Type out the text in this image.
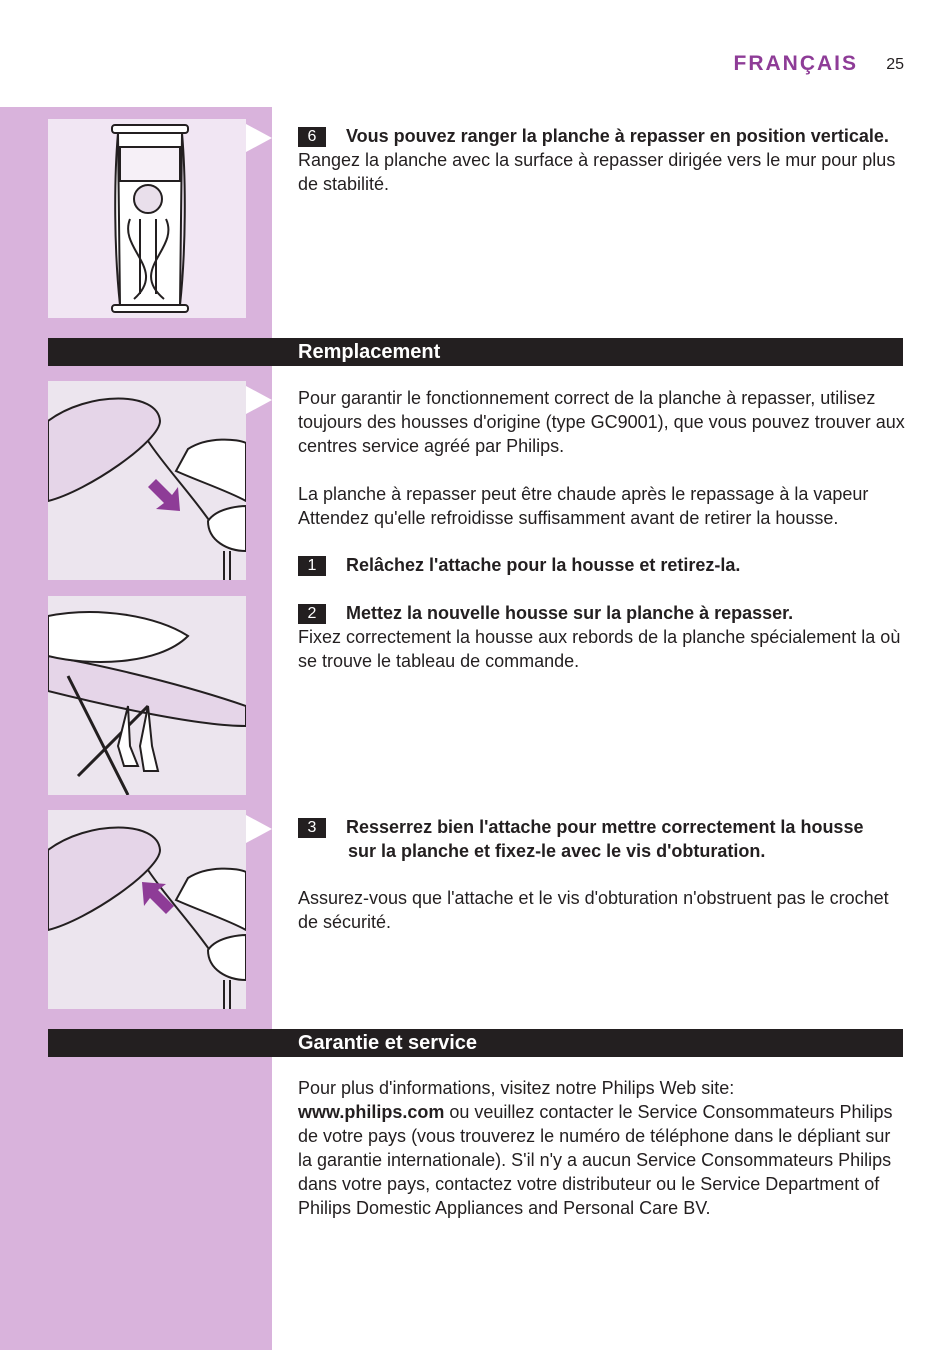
FRANÇAIS 25
6 Vous pouvez ranger la planche à repasser en position verticale.
Rangez la planche avec la surface à repasser dirigée vers le mur pour plus de stabilité.
Remplacement
Pour garantir le fonctionnement correct de la planche à repasser, utilisez toujours des housses d'origine (type GC9001), que vous pouvez trouver aux centres service agréé par Philips.
La planche à repasser peut être chaude après le repassage à la vapeur Attendez qu'elle refroidisse suffisamment avant de retirer la housse.
1 Relâchez l'attache pour la housse et retirez-la.
2 Mettez la nouvelle housse sur la planche à repasser.
Fixez correctement la housse aux rebords de la planche spécialement la où se trouve le tableau de commande.
3 Resserrez bien l'attache pour mettre correctement la housse
sur la planche et fixez-le avec le vis d'obturation.
Assurez-vous que l'attache et le vis d'obturation n'obstruent pas le crochet de sécurité.
Garantie et service
Pour plus d'informations, visitez notre Philips Web site:
www.philips.com ou veuillez contacter le Service Consommateurs Philips de votre pays (vous trouverez le numéro de téléphone dans le dépliant sur la garantie internationale). S'il n'y a aucun Service Consommateurs Philips dans votre pays, contactez votre distributeur ou le Service Department of Philips Domestic Appliances and Personal Care BV.
